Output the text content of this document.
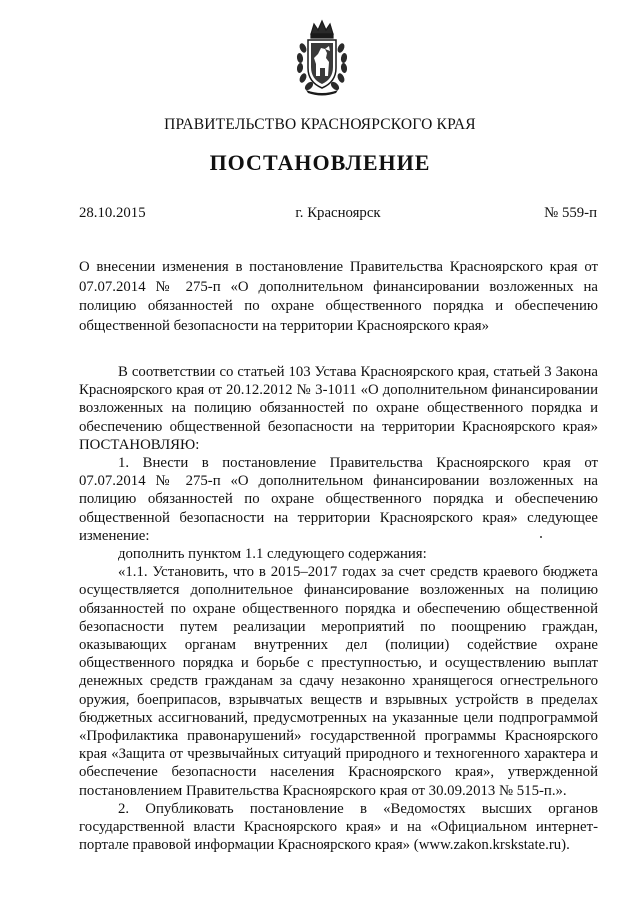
ПРАВИТЕЛЬСТВО КРАСНОЯРСКОГО КРАЯ
ПОСТАНОВЛЕНИЕ
28.10.2015	г. Красноярск	№ 559-п
О внесении изменения в постановление Правительства Красноярского края от 07.07.2014 № 275-п «О дополнительном финансировании возложенных на полицию обязанностей по охране общественного порядка и обеспечению общественной безопасности на территории Красноярского края»

В соответствии со статьей 103 Устава Красноярского края, статьей 3 Закона Красноярского края от 20.12.2012 № 3-1011 «О дополнительном финансировании возложенных на полицию обязанностей по охране общественного порядка и обеспечению общественной безопасности на территории Красноярского края» ПОСТАНОВЛЯЮ:

1. Внести в постановление Правительства Красноярского края от 07.07.2014 № 275-п «О дополнительном финансировании возложенных на полицию обязанностей по охране общественного порядка и обеспечению общественной безопасности на территории Красноярского края» следующее изменение:

дополнить пунктом 1.1 следующего содержания:

«1.1. Установить, что в 2015–2017 годах за счет средств краевого бюджета осуществляется дополнительное финансирование возложенных на полицию обязанностей по охране общественного порядка и обеспечению общественной безопасности путем реализации мероприятий по поощрению граждан, оказывающих органам внутренних дел (полиции) содействие охране общественного порядка и борьбе с преступностью, и осуществлению выплат денежных средств гражданам за сдачу незаконно хранящегося огнестрельного оружия, боеприпасов, взрывчатых веществ и взрывных устройств в пределах бюджетных ассигнований, предусмотренных на указанные цели подпрограммой «Профилактика правонарушений» государственной программы Красноярского края «Защита от чрезвычайных ситуаций природного и техногенного характера и обеспечение безопасности населения Красноярского края», утвержденной постановлением Правительства Красноярского края от 30.09.2013 № 515-п.».

2. Опубликовать постановление в «Ведомостях высших органов государственной власти Красноярского края» и на «Официальном интернет-портале правовой информации Красноярского края» (www.zakon.krskstate.ru).
